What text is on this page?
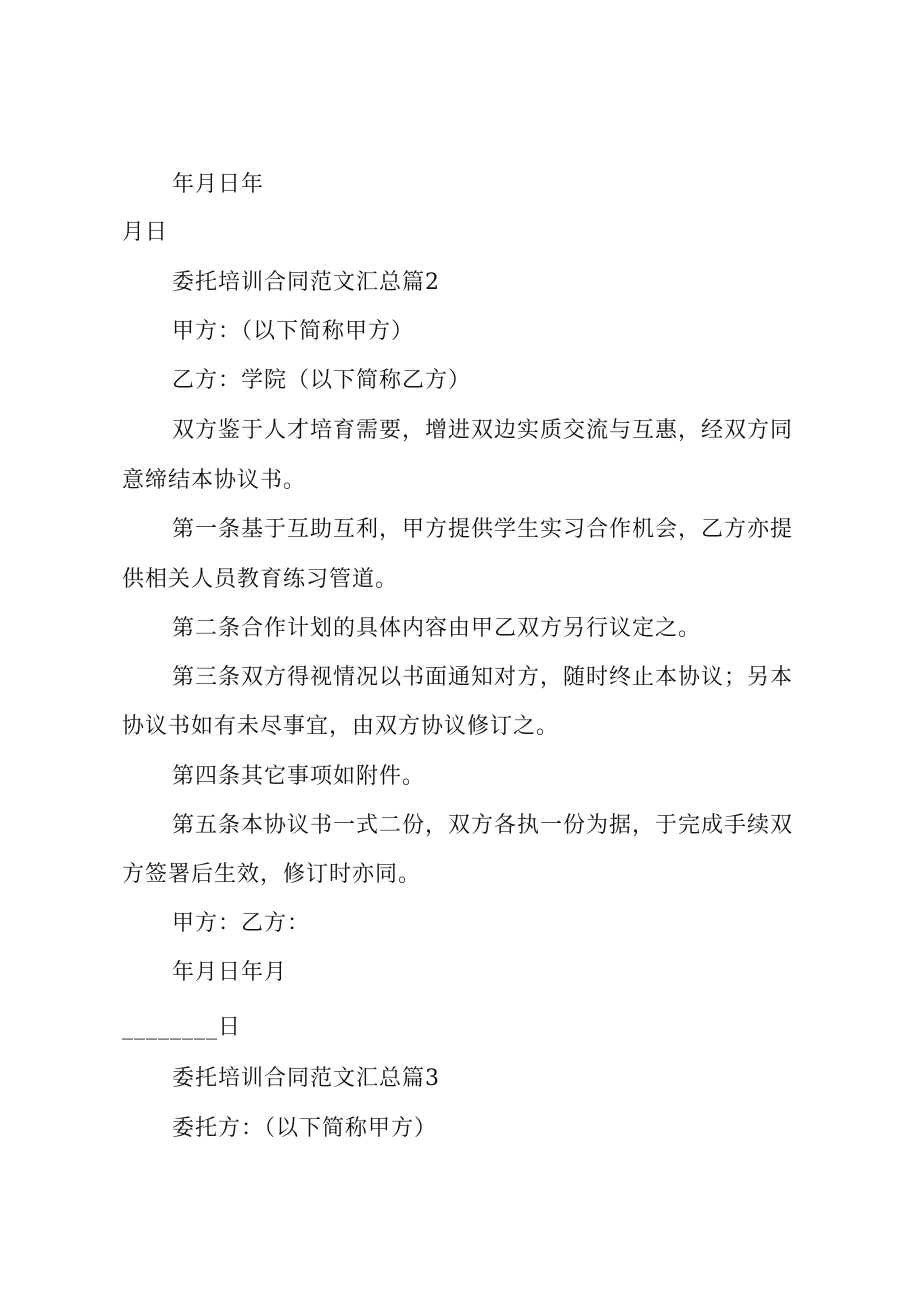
年月日年
月日
委托培训合同范文汇总篇2
甲方：（以下简称甲方）
乙方：学院（以下简称乙方）
双方鉴于人才培育需要，增进双边实质交流与互惠，经双方同
意缔结本协议书。
第一条基于互助互利，甲方提供学生实习合作机会，乙方亦提
供相关人员教育练习管道。
第二条合作计划的具体内容由甲乙双方另行议定之。
第三条双方得视情况以书面通知对方，随时终止本协议；另本
协议书如有未尽事宜，由双方协议修订之。
第四条其它事项如附件。
第五条本协议书一式二份，双方各执一份为据，于完成手续双
方签署后生效，修订时亦同。
甲方：乙方：
年月日年月
________日
委托培训合同范文汇总篇3
委托方：（以下简称甲方）
